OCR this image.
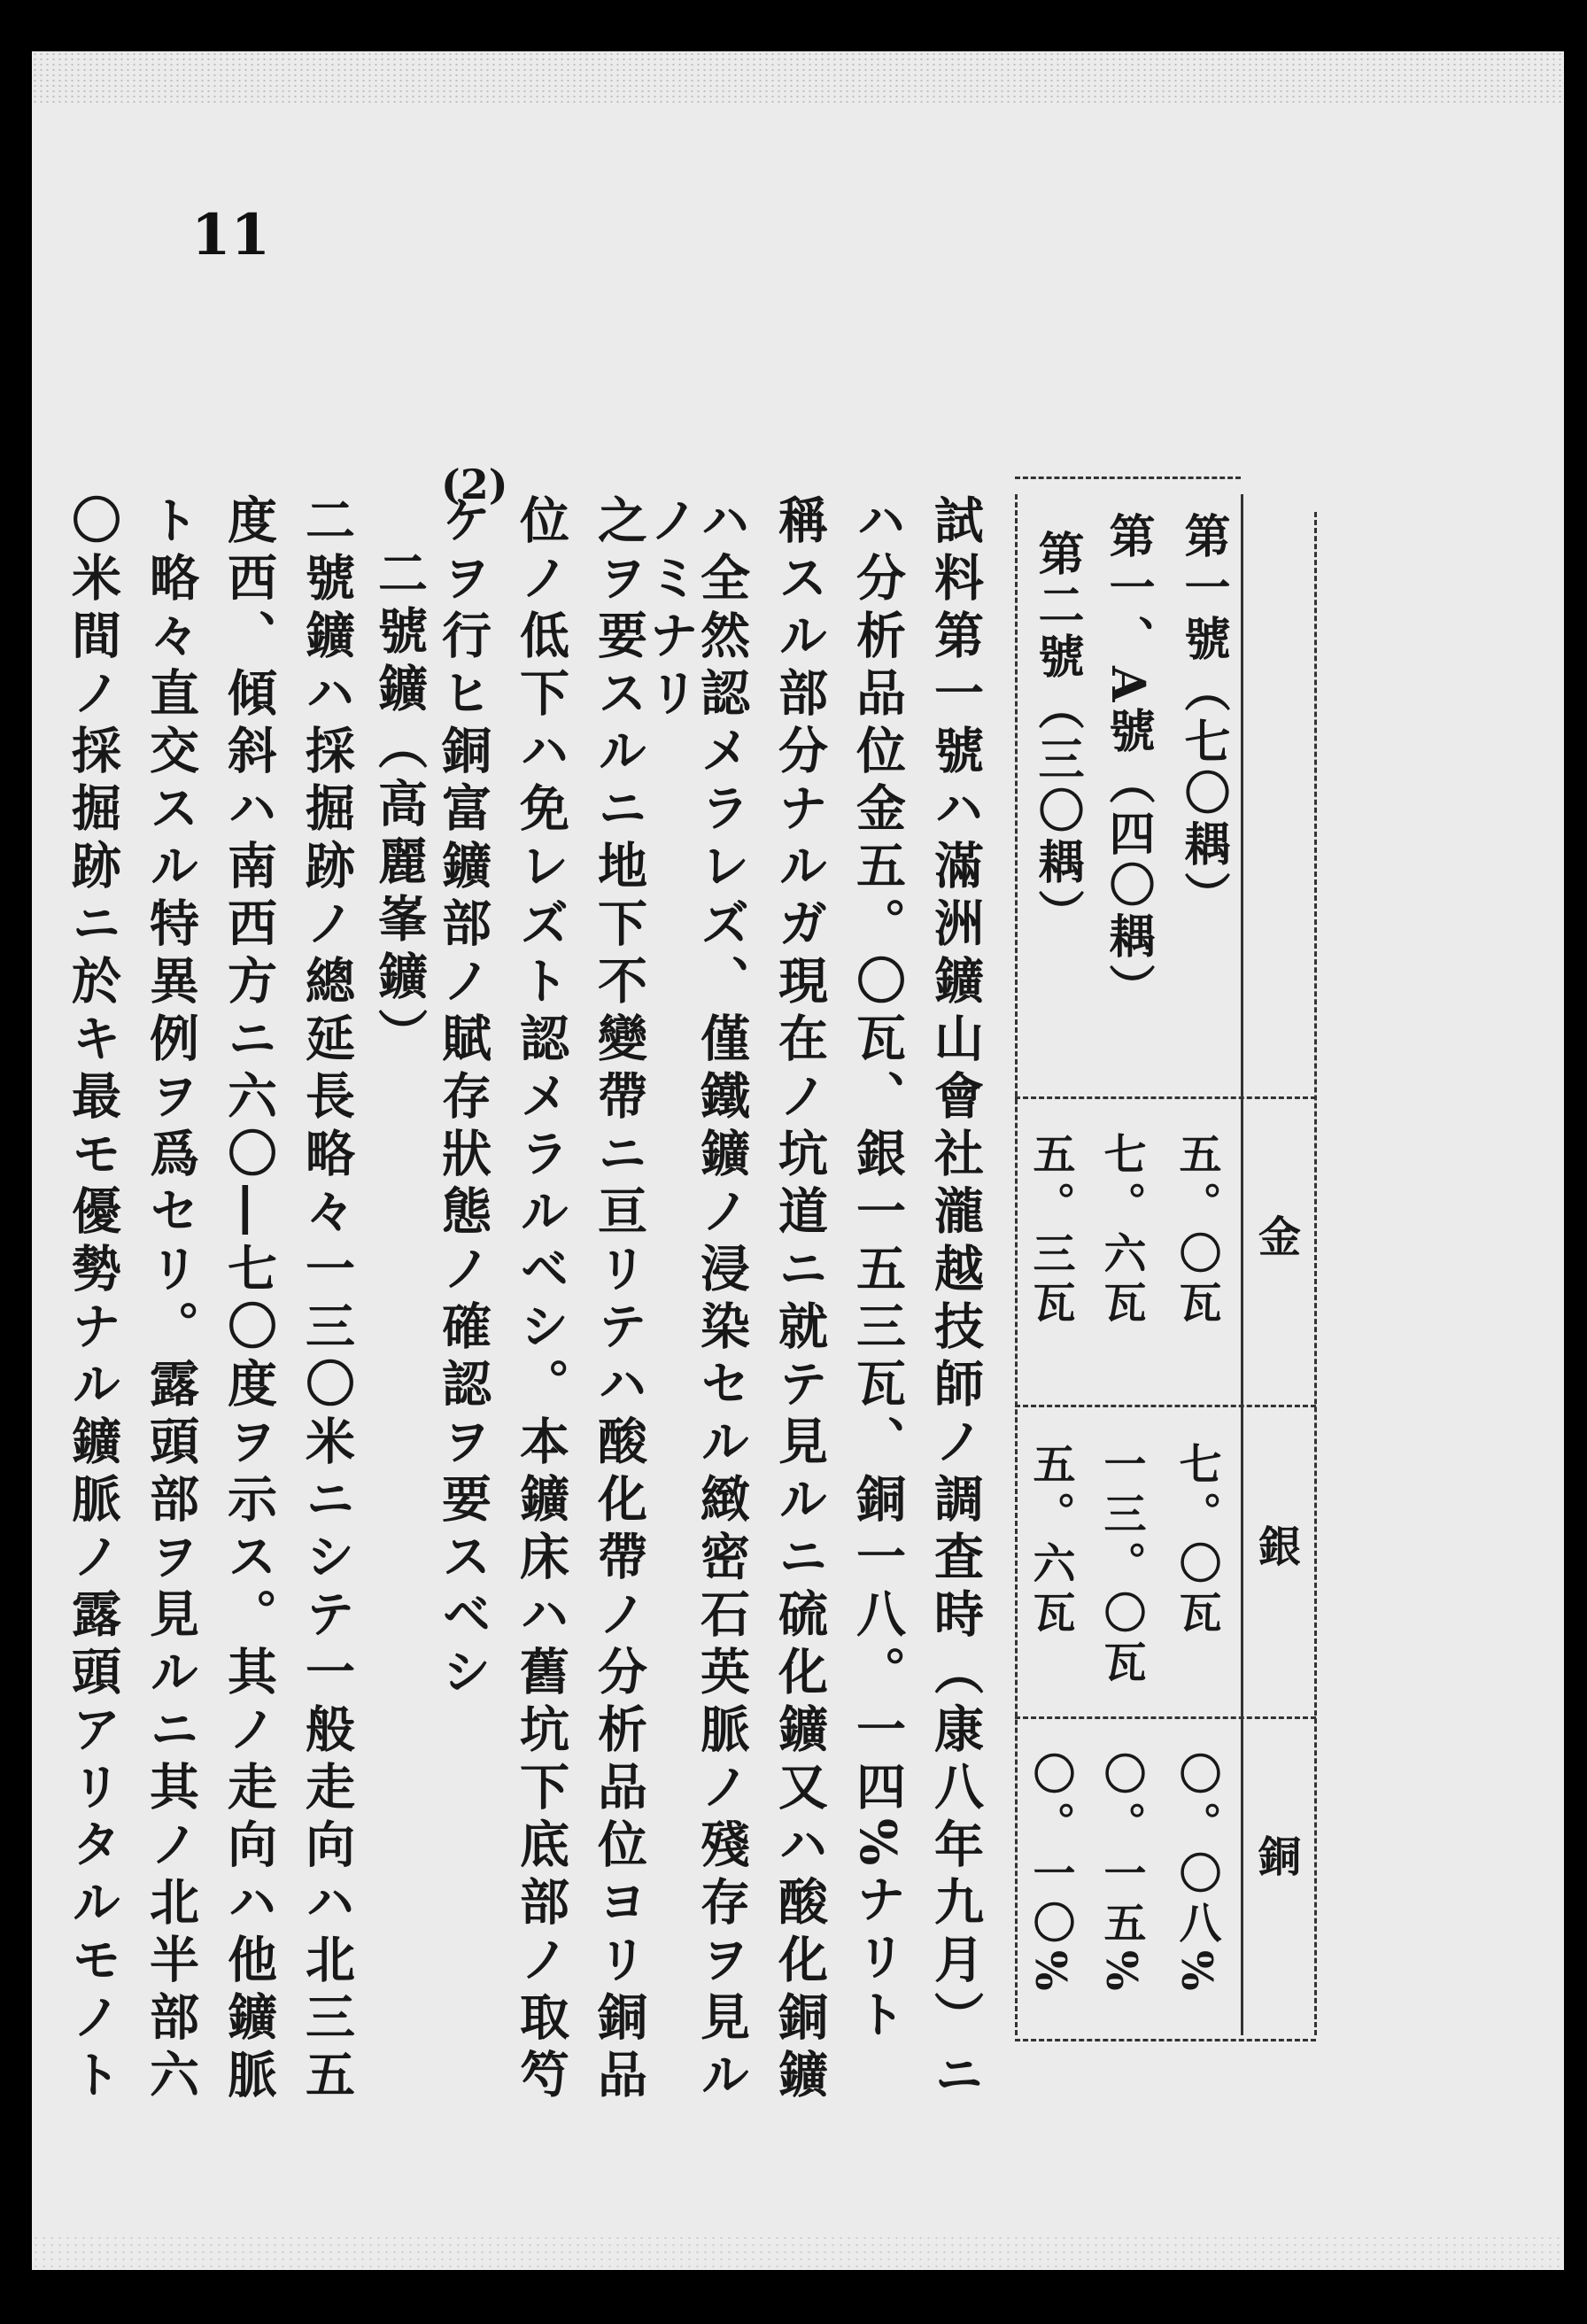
11
金
銀
銅
第一號（七〇耦）
五。〇瓦
七。〇瓦
〇。〇八%
第一、A號（四〇耦）
七。六瓦
一三。〇瓦
〇。一五%
第二號（三〇耦）
五。三瓦
五。六瓦
〇。一〇%
試料第一號ハ滿洲鑛山會社瀧越技師ノ調査時（康八年九月）ニ
ハ分析品位金五。〇瓦、銀一五三瓦、銅一八。一四%ナリト
稱スル部分ナルガ現在ノ坑道ニ就テ見ルニ硫化鑛又ハ酸化銅鑛
ハ全然認メラレズ、僅鐵鑛ノ浸染セル緻密石英脈ノ殘存ヲ見ル
ノミナリ
之ヲ要スルニ地下不變帶ニ亘リテハ酸化帶ノ分析品位ヨリ銅品
位ノ低下ハ免レズト認メラルベシ。本鑛床ハ舊坑下底部ノ取𥫩
ケヲ行ヒ銅富鑛部ノ賦存狀態ノ確認ヲ要スベシ
(2)
二號鑛（高麗峯鑛）
二號鑛ハ採掘跡ノ總延長略々一三〇米ニシテ一般走向ハ北三五
度西、傾斜ハ南西方ニ六〇―七〇度ヲ示ス。其ノ走向ハ他鑛脈
ト略々直交スル特異例ヲ爲セリ。露頭部ヲ見ルニ其ノ北半部六
〇米間ノ採掘跡ニ於キ最モ優勢ナル鑛脈ノ露頭アリタルモノト
